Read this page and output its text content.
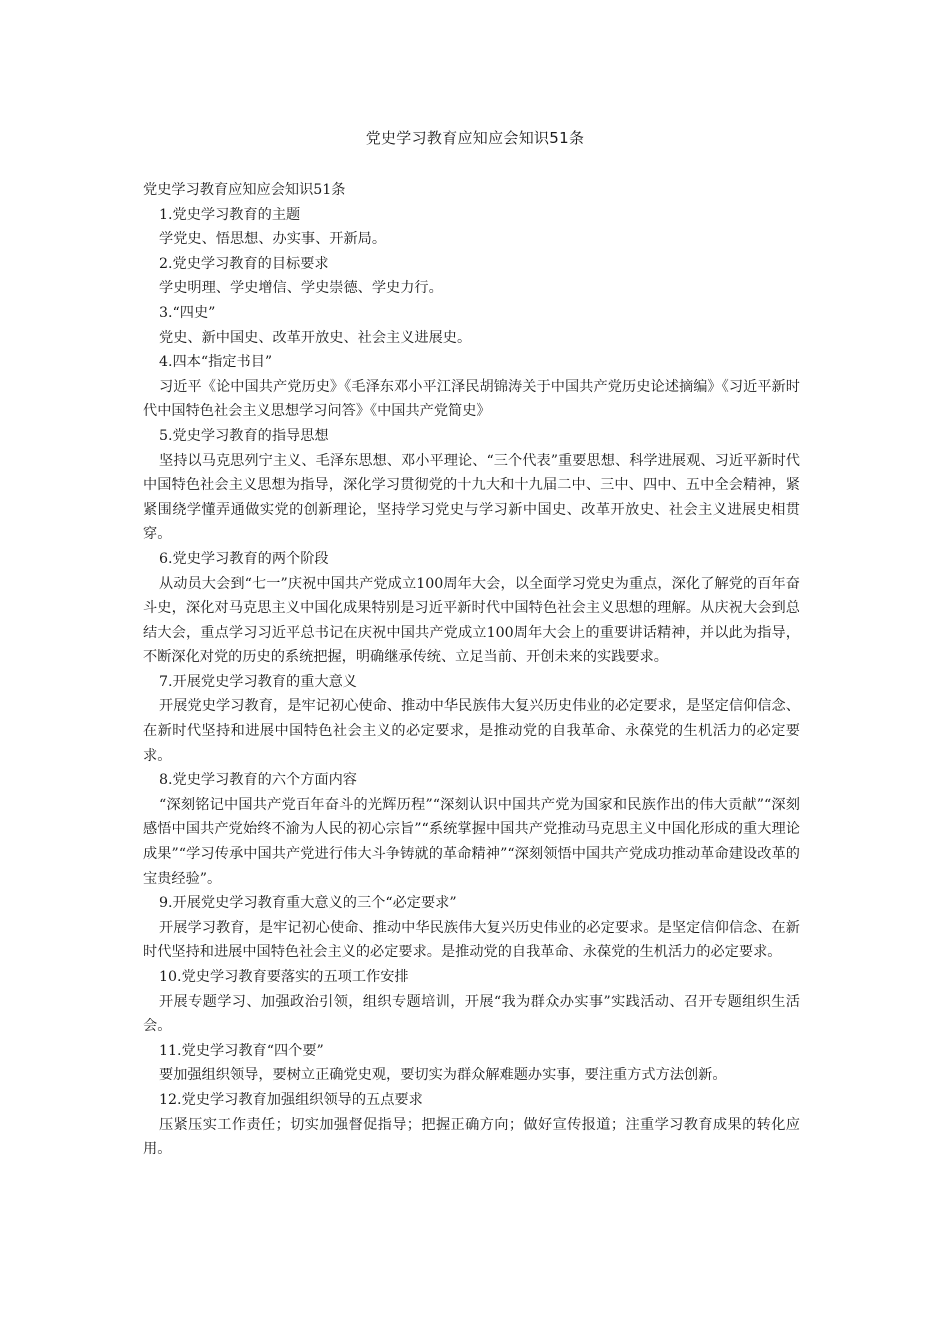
党史学习教育应知应会知识51条

党史学习教育应知应会知识51条

1.党史学习教育的主题

学党史、悟思想、办实事、开新局。

2.党史学习教育的目标要求

学史明理、学史增信、学史崇德、学史力行。

3.“四史”

党史、新中国史、改革开放史、社会主义进展史。

4.四本“指定书目”

习近平《论中国共产党历史》《毛泽东邓小平江泽民胡锦涛关于中国共产党历史论述摘编》《习近平新时代中国特色社会主义思想学习问答》《中国共产党简史》

5.党史学习教育的指导思想

坚持以马克思列宁主义、毛泽东思想、邓小平理论、“三个代表”重要思想、科学进展观、习近平新时代中国特色社会主义思想为指导，深化学习贯彻党的十九大和十九届二中、三中、四中、五中全会精神，紧紧围绕学懂弄通做实党的创新理论，坚持学习党史与学习新中国史、改革开放史、社会主义进展史相贯穿。

6.党史学习教育的两个阶段

从动员大会到“七一”庆祝中国共产党成立100周年大会，以全面学习党史为重点，深化了解党的百年奋斗史，深化对马克思主义中国化成果特别是习近平新时代中国特色社会主义思想的理解。从庆祝大会到总结大会，重点学习习近平总书记在庆祝中国共产党成立100周年大会上的重要讲话精神，并以此为指导，不断深化对党的历史的系统把握，明确继承传统、立足当前、开创未来的实践要求。

7.开展党史学习教育的重大意义

开展党史学习教育，是牢记初心使命、推动中华民族伟大复兴历史伟业的必定要求，是坚定信仰信念、在新时代坚持和进展中国特色社会主义的必定要求，是推动党的自我革命、永葆党的生机活力的必定要求。

8.党史学习教育的六个方面内容

“深刻铭记中国共产党百年奋斗的光辉历程”“深刻认识中国共产党为国家和民族作出的伟大贡献”“深刻感悟中国共产党始终不渝为人民的初心宗旨”“系统掌握中国共产党推动马克思主义中国化形成的重大理论成果”“学习传承中国共产党进行伟大斗争铸就的革命精神”“深刻领悟中国共产党成功推动革命建设改革的宝贵经验”。

9.开展党史学习教育重大意义的三个“必定要求”

开展学习教育，是牢记初心使命、推动中华民族伟大复兴历史伟业的必定要求。是坚定信仰信念、在新时代坚持和进展中国特色社会主义的必定要求。是推动党的自我革命、永葆党的生机活力的必定要求。

10.党史学习教育要落实的五项工作安排

开展专题学习、加强政治引领，组织专题培训，开展“我为群众办实事”实践活动、召开专题组织生活会。

11.党史学习教育“四个要”

要加强组织领导，要树立正确党史观，要切实为群众解难题办实事，要注重方式方法创新。

12.党史学习教育加强组织领导的五点要求

压紧压实工作责任；切实加强督促指导；把握正确方向；做好宣传报道；注重学习教育成果的转化应用。
